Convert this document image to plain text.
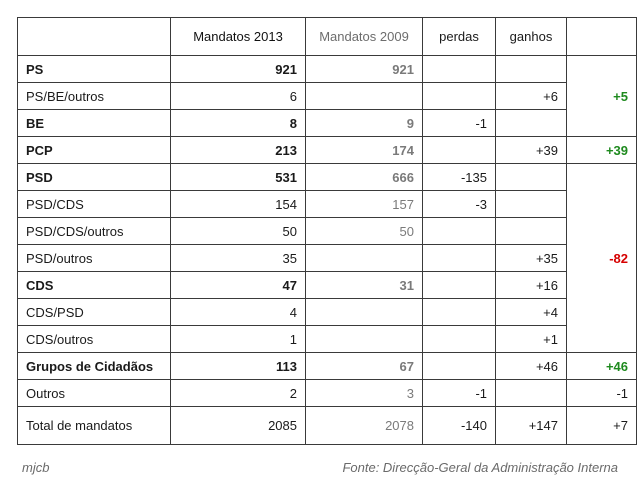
	Mandatos 2013	Mandatos 2009	perdas	ganhos	
PS	921	921			+5
PS/BE/outros	6			+6	
BE	8	9	-1		
PCP	213	174		+39	+39
PSD	531	666	-135		-82
PSD/CDS	154	157	-3		
PSD/CDS/outros	50	50			
PSD/outros	35			+35	
CDS	47	31		+16	
CDS/PSD	4			+4	
CDS/outros	1			+1	
Grupos de Cidadãos	113	67		+46	+46
Outros	2	3	-1		-1
Total de mandatos	2085	2078	-140	+147	+7
mjcb	Fonte: Direcção-Geral da Administração Interna
